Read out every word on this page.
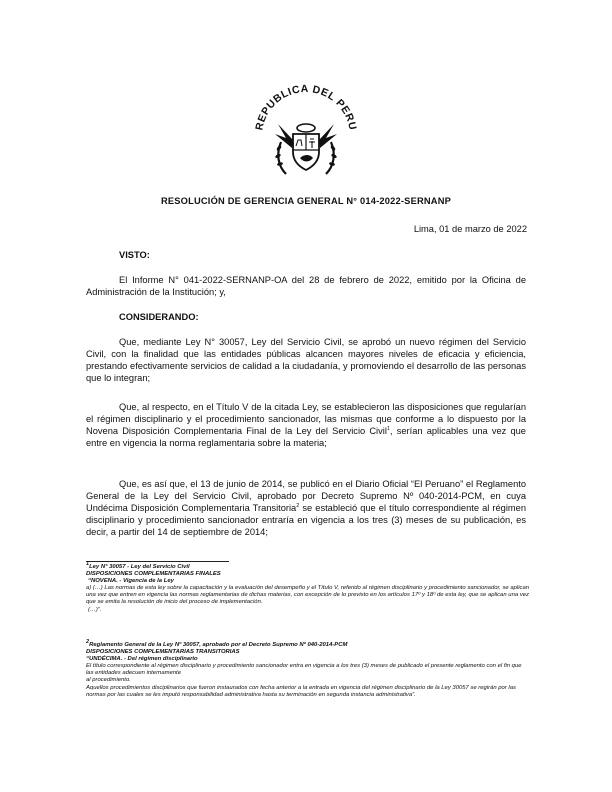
REPUBLICA DEL PERU
RESOLUCIÓN DE GERENCIA GENERAL N° 014-2022-SERNANP
Lima, 01 de marzo de 2022
VISTO:

El Informe N° 041-2022-SERNANP-OA del 28 de febrero de 2022, emitido por la Oficina de Administración de la Institución; y,

CONSIDERANDO:

Que, mediante Ley N° 30057, Ley del Servicio Civil, se aprobó un nuevo régimen del Servicio Civil, con la finalidad que las entidades públicas alcancen mayores niveles de eficacia y eficiencia, prestando efectivamente servicios de calidad a la ciudadanía, y promoviendo el desarrollo de las personas que lo integran;

Que, al respecto, en el Título V de la citada Ley, se establecieron las disposiciones que regularían el régimen disciplinario y el procedimiento sancionador, las mismas que conforme a lo dispuesto por la Novena Disposición Complementaria Final de la Ley del Servicio Civil$^1$, serían aplicables una vez que entre en vigencia la norma reglamentaria sobre la materia;

Que, es así que, el 13 de junio de 2014, se publicó en el Diario Oficial “El Peruano” el Reglamento General de la Ley del Servicio Civil, aprobado por Decreto Supremo Nº 040-2014-PCM, en cuya Undécima Disposición Complementaria Transitoria$^2$ se estableció que el título correspondiente al régimen disciplinario y procedimiento sancionador entraría en vigencia a los tres (3) meses de su publicación, es decir, a partir del 14 de septiembre de 2014;

$^1$Ley N° 30057 - Ley del Servicio Civil
DISPOSICIONES COMPLEMENTARIAS FINALES
“NOVENA. - Vigencia de la Ley
a) (…) Las normas de esta ley sobre la capacitación y la evaluación del desempeño y el Título V, referido al régimen disciplinario y procedimiento sancionador, se aplican una vez que entren en vigencia las normas reglamentarias de dichas materias, con excepción de lo previsto en los artículos 17º y 18º de esta ley, que se aplican una vez que se emita la resolución de inicio del proceso de implementación.
(…)”.
$^2$Reglamento General de la Ley Nº 30057, aprobado por el Decreto Supremo Nº 040-2014-PCM
DISPOSICIONES COMPLEMENTARIAS TRANSITORIAS
“UNDÉCIMA. - Del régimen disciplinario
El título correspondiente al régimen disciplinario y procedimiento sancionador entra en vigencia a los tres (3) meses de publicado el presente reglamento con el fin que las entidades adecuen internamente
al procedimiento.
Aquellos procedimientos disciplinarios que fueron instaurados con fecha anterior a la entrada en vigencia del régimen disciplinario de la Ley 30057 se regirán por las normas por las cuales se les imputó responsabilidad administrativa hasta su terminación en segunda instancia administrativa”.
